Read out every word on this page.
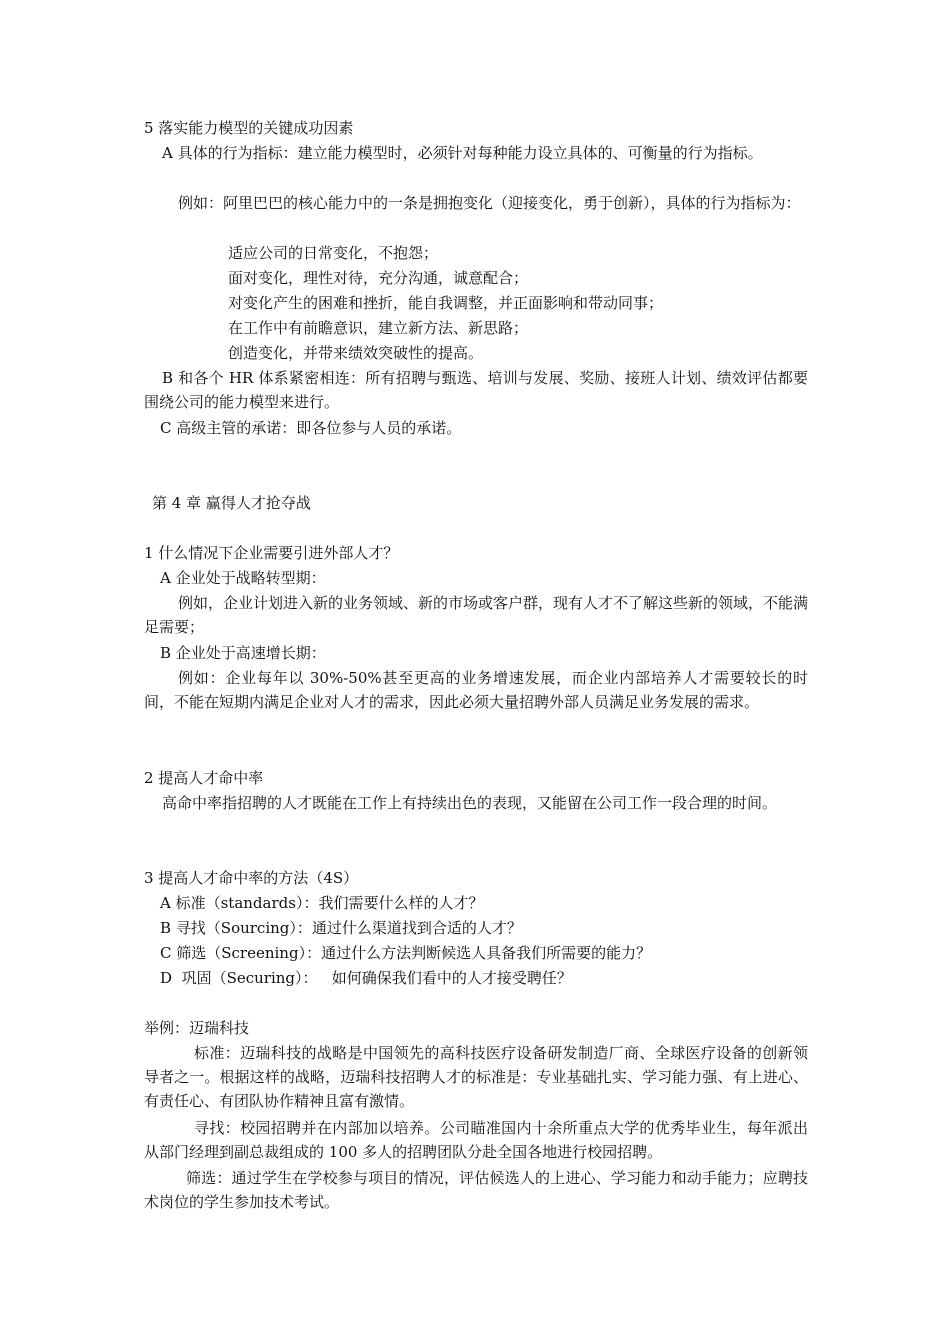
5 落实能力模型的关键成功因素

A 具体的行为指标：建立能力模型时，必须针对每种能力设立具体的、可衡量的行为指标。

例如：阿里巴巴的核心能力中的一条是拥抱变化（迎接变化，勇于创新），具体的行为指标为：

适应公司的日常变化，不抱怨；

面对变化，理性对待，充分沟通，诚意配合；

对变化产生的困难和挫折，能自我调整，并正面影响和带动同事；

在工作中有前瞻意识，建立新方法、新思路；

创造变化，并带来绩效突破性的提高。

B 和各个 HR 体系紧密相连：所有招聘与甄选、培训与发展、奖励、接班人计划、绩效评估都要围绕公司的能力模型来进行。

C 高级主管的承诺：即各位参与人员的承诺。

第 4 章 赢得人才抢夺战

1 什么情况下企业需要引进外部人才？

A 企业处于战略转型期：

例如，企业计划进入新的业务领域、新的市场或客户群，现有人才不了解这些新的领域，不能满足需要；

B 企业处于高速增长期：

例如：企业每年以 30%-50%甚至更高的业务增速发展，而企业内部培养人才需要较长的时间，不能在短期内满足企业对人才的需求，因此必须大量招聘外部人员满足业务发展的需求。

2 提高人才命中率

高命中率指招聘的人才既能在工作上有持续出色的表现，又能留在公司工作一段合理的时间。

3 提高人才命中率的方法（4S）

A 标准（standards）：我们需要什么样的人才？

B 寻找（Sourcing）：通过什么渠道找到合适的人才？

C 筛选（Screening）：通过什么方法判断候选人具备我们所需要的能力？

D  巩固（Securing）：   如何确保我们看中的人才接受聘任？

举例：迈瑞科技

标准：迈瑞科技的战略是中国领先的高科技医疗设备研发制造厂商、全球医疗设备的创新领导者之一。根据这样的战略，迈瑞科技招聘人才的标准是：专业基础扎实、学习能力强、有上进心、有责任心、有团队协作精神且富有激情。

寻找：校园招聘并在内部加以培养。公司瞄准国内十余所重点大学的优秀毕业生，每年派出从部门经理到副总裁组成的 100 多人的招聘团队分赴全国各地进行校园招聘。

筛选：通过学生在学校参与项目的情况，评估候选人的上进心、学习能力和动手能力；应聘技术岗位的学生参加技术考试。
